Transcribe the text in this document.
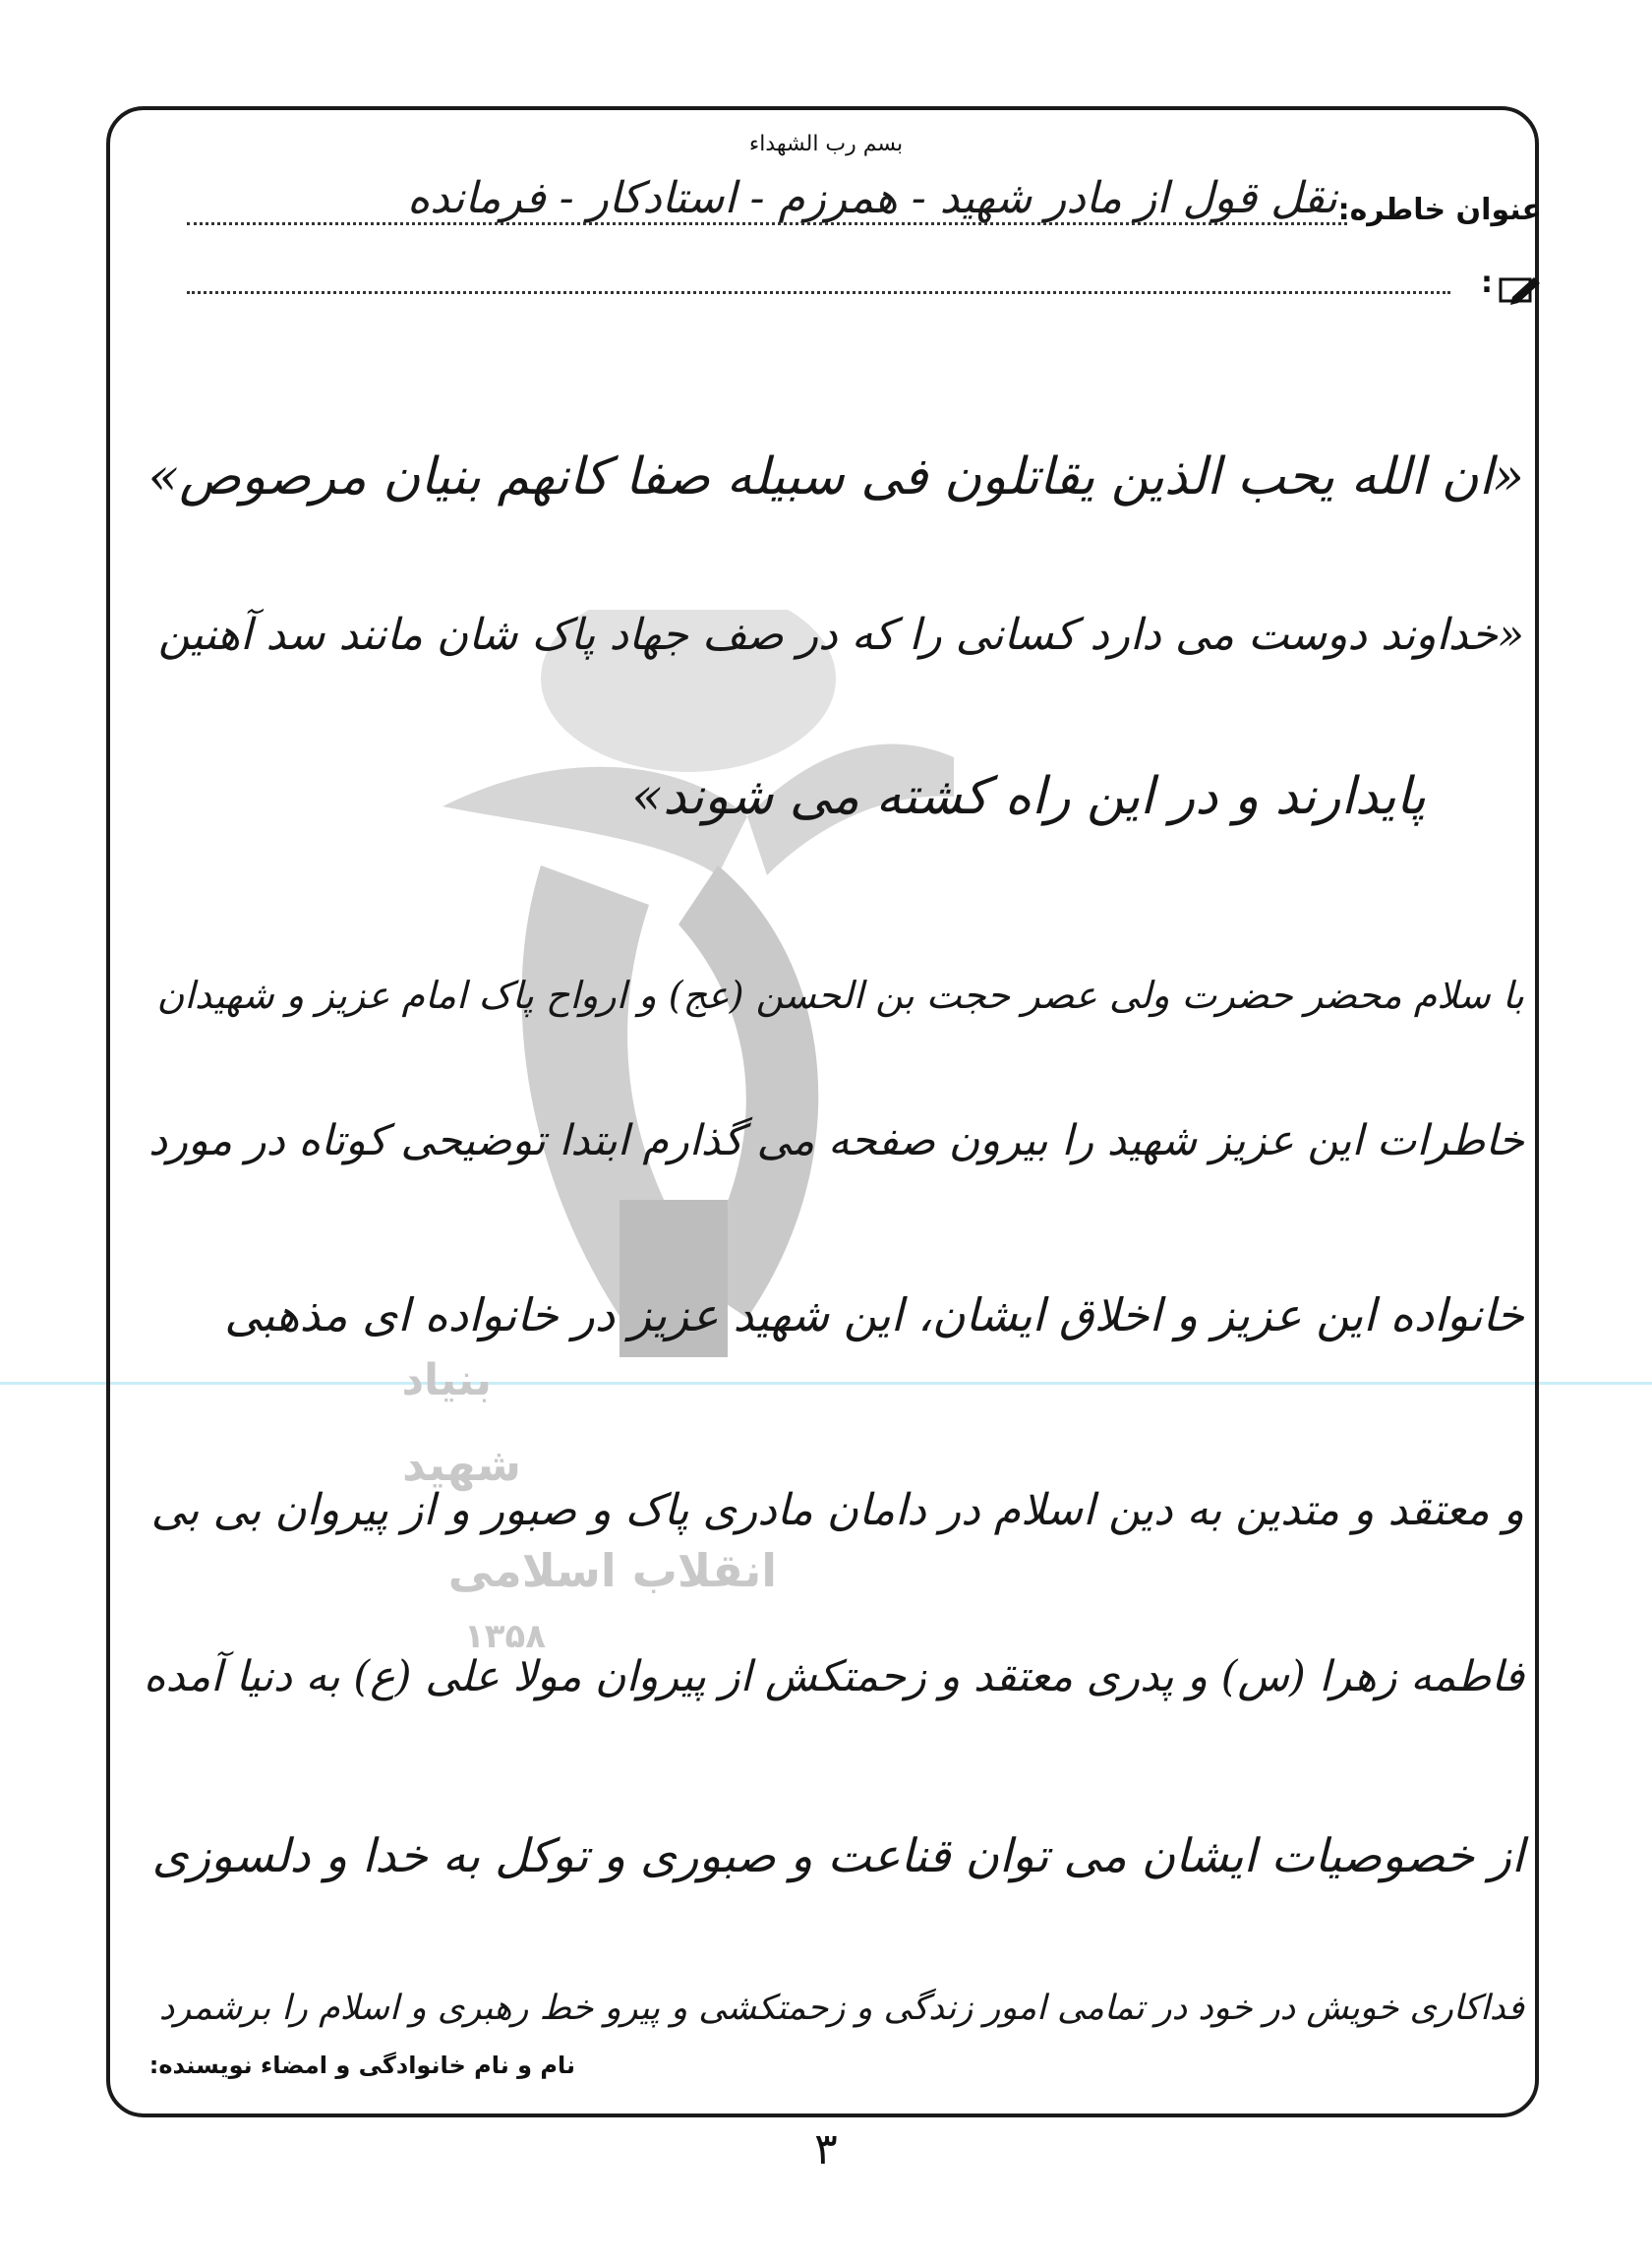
بنیاد
شهید
انقلاب اسلامی
۱۳۵۸
بسم رب الشهداء
عنوان خاطره:
نقل قول از مادر شهید - همرزم - استادکار - فرمانده
:
«ان الله یحب الذین یقاتلون فی سبیله صفا کانهم بنیان مرصوص»
«خداوند دوست می دارد کسانی را که در صف جهاد پاک شان مانند سد آهنین
پایدارند و در این راه کشته می شوند»
با سلام محضر حضرت ولی عصر حجت بن الحسن (عج) و ارواح پاک امام عزیز و شهیدان
خاطرات این عزیز شهید را بیرون صفحه می گذارم ابتدا توضیحی کوتاه در مورد
خانواده این عزیز و اخلاق ایشان، این شهید عزیز در خانواده ای مذهبی
و معتقد و متدین به دین اسلام در دامان مادری پاک و صبور و از پیروان بی بی
فاطمه زهرا (س) و پدری معتقد و زحمتکش از پیروان مولا علی (ع) به دنیا آمده
از خصوصیات ایشان می توان قناعت و صبوری و توکل به خدا و دلسوزی
فداکاری خویش در خود در تمامی امور زندگی و زحمتکشی و پیرو خط رهبری و اسلام را برشمرد
نام و نام خانوادگی و امضاء نویسنده:
۳
